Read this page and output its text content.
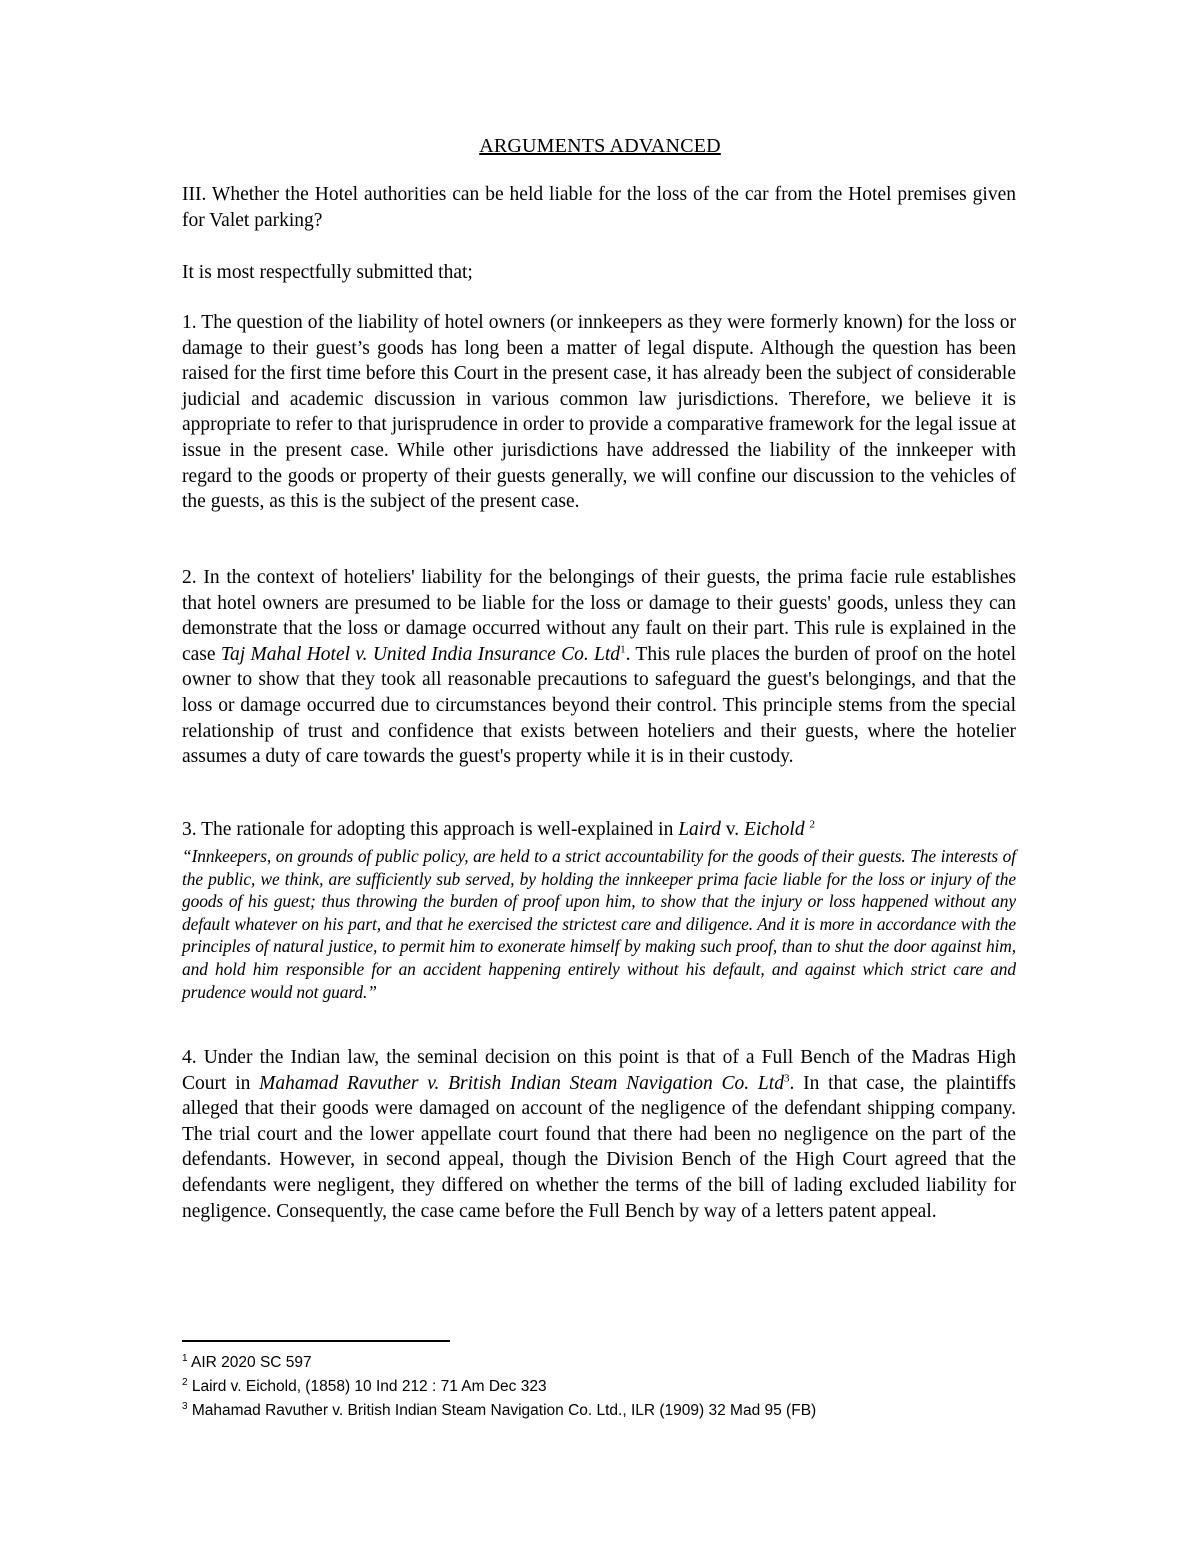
ARGUMENTS ADVANCED

III. Whether the Hotel authorities can be held liable for the loss of the car from the Hotel premises given for Valet parking?

It is most respectfully submitted that;

1. The question of the liability of hotel owners (or innkeepers as they were formerly known) for the loss or damage to their guest’s goods has long been a matter of legal dispute. Although the question has been raised for the first time before this Court in the present case, it has already been the subject of considerable judicial and academic discussion in various common law jurisdictions. Therefore, we believe it is appropriate to refer to that jurisprudence in order to provide a comparative framework for the legal issue at issue in the present case. While other jurisdictions have addressed the liability of the innkeeper with regard to the goods or property of their guests generally, we will confine our discussion to the vehicles of the guests, as this is the subject of the present case.

2. In the context of hoteliers' liability for the belongings of their guests, the prima facie rule establishes that hotel owners are presumed to be liable for the loss or damage to their guests' goods, unless they can demonstrate that the loss or damage occurred without any fault on their part. This rule is explained in the case Taj Mahal Hotel v. United India Insurance Co. Ltd$^1$. This rule places the burden of proof on the hotel owner to show that they took all reasonable precautions to safeguard the guest's belongings, and that the loss or damage occurred due to circumstances beyond their control. This principle stems from the special relationship of trust and confidence that exists between hoteliers and their guests, where the hotelier assumes a duty of care towards the guest's property while it is in their custody.

3. The rationale for adopting this approach is well-explained in Laird v. Eichold $^2$

“Innkeepers, on grounds of public policy, are held to a strict accountability for the goods of their guests. The interests of the public, we think, are sufficiently sub served, by holding the innkeeper prima facie liable for the loss or injury of the goods of his guest; thus throwing the burden of proof upon him, to show that the injury or loss happened without any default whatever on his part, and that he exercised the strictest care and diligence. And it is more in accordance with the principles of natural justice, to permit him to exonerate himself by making such proof, than to shut the door against him, and hold him responsible for an accident happening entirely without his default, and against which strict care and prudence would not guard.”

4. Under the Indian law, the seminal decision on this point is that of a Full Bench of the Madras High Court in Mahamad Ravuther v. British Indian Steam Navigation Co. Ltd$^3$. In that case, the plaintiffs alleged that their goods were damaged on account of the negligence of the defendant shipping company. The trial court and the lower appellate court found that there had been no negligence on the part of the defendants. However, in second appeal, though the Division Bench of the High Court agreed that the defendants were negligent, they differed on whether the terms of the bill of lading excluded liability for negligence. Consequently, the case came before the Full Bench by way of a letters patent appeal.

$^1$ AIR 2020 SC 597
$^2$ Laird v. Eichold, (1858) 10 Ind 212 : 71 Am Dec 323
$^3$ Mahamad Ravuther v. British Indian Steam Navigation Co. Ltd., ILR (1909) 32 Mad 95 (FB)
